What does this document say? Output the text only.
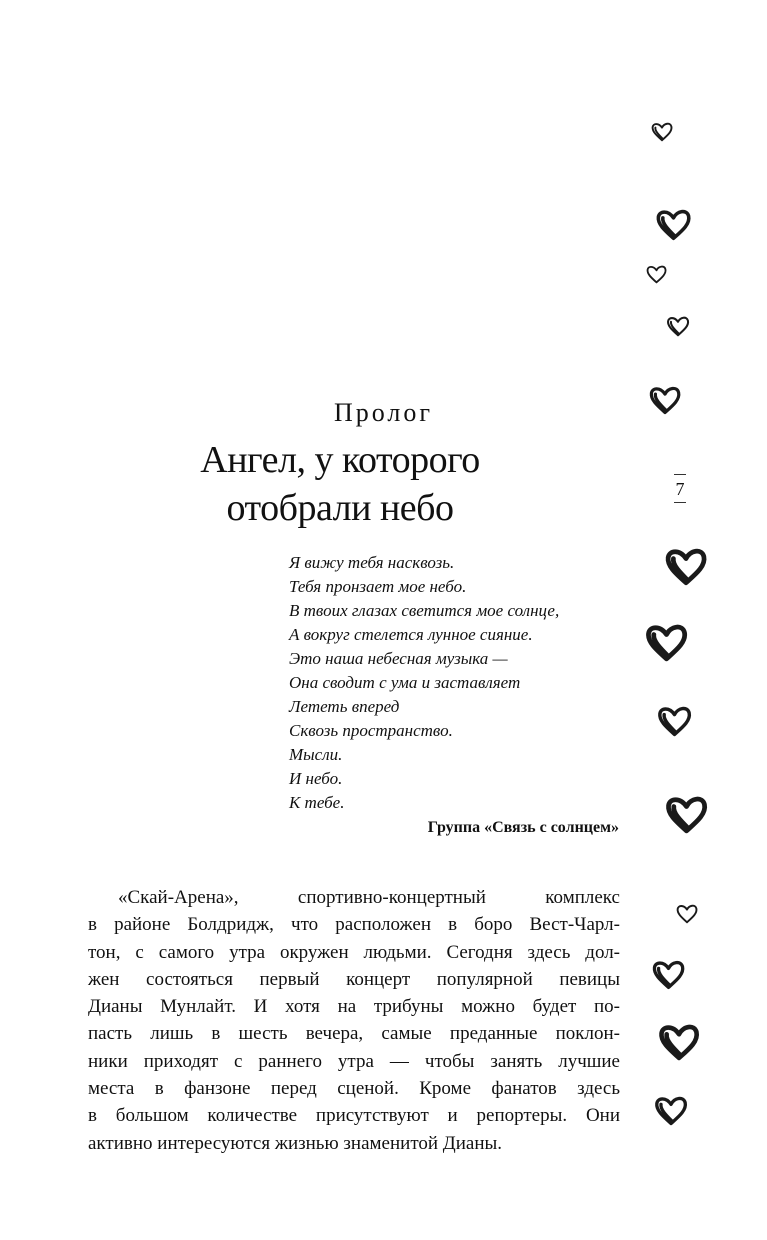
Пролог
Ангел, у которого
отобрали небо	7
Я вижу тебя насквозь.
Тебя пронзает мое небо.
В твоих глазах светится мое солнце,
А вокруг стелется лунное сияние.
Это наша небесная музыка —
Она сводит с ума и заставляет
Лететь вперед
Сквозь пространство.
Мысли.
И небо.
К тебе.
Группа «Связь с солнцем»
«Скай-Арена», спортивно-концертный комплекс
в районе Болдридж, что расположен в боро Вест-Чарл-
тон, с самого утра окружен людьми. Сегодня здесь дол-
жен состояться первый концерт популярной певицы
Дианы Мунлайт. И хотя на трибуны можно будет по-
пасть лишь в шесть вечера, самые преданные поклон-
ники приходят с раннего утра — чтобы занять лучшие
места в фанзоне перед сценой. Кроме фанатов здесь
в большом количестве присутствуют и репортеры. Они
активно интересуются жизнью знаменитой Дианы.
